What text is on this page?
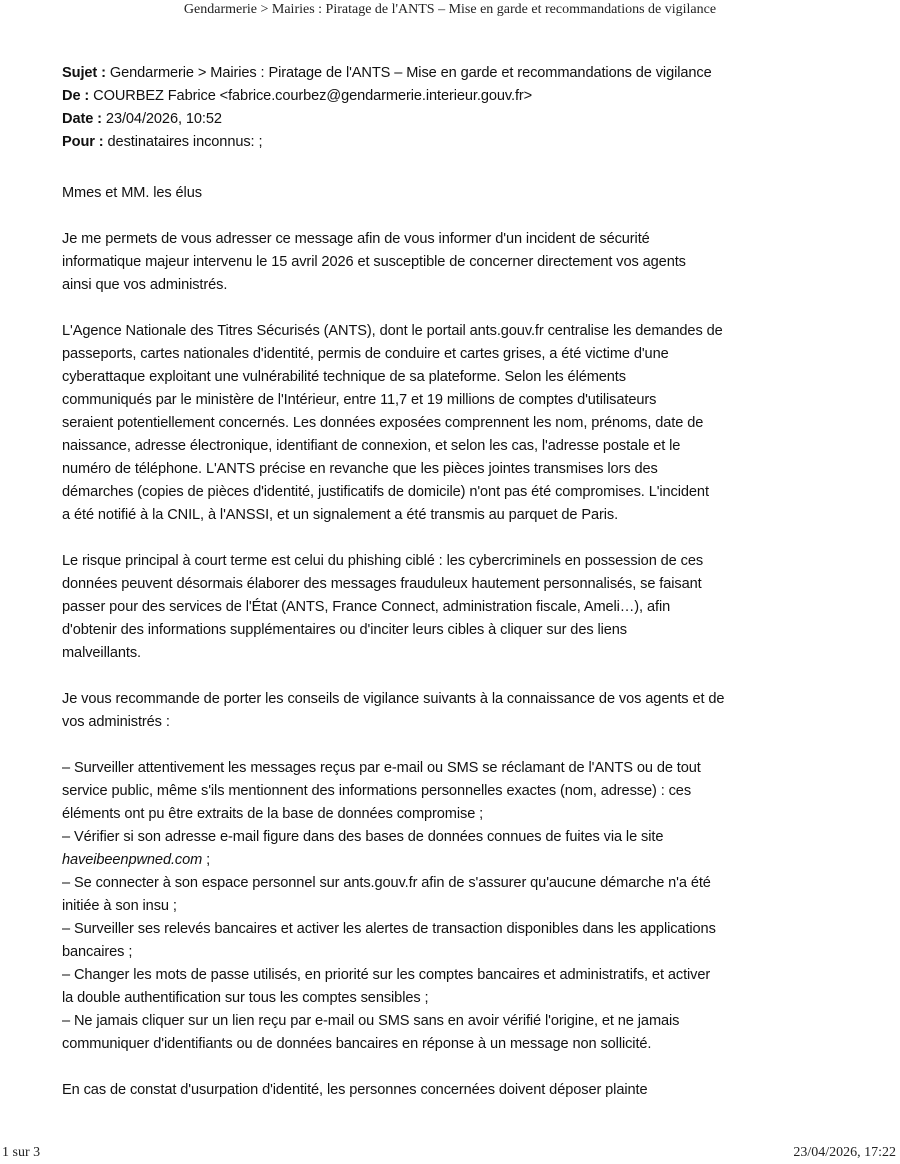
Gendarmerie > Mairies : Piratage de l'ANTS – Mise en garde et recommandations de vigilance
Sujet : Gendarmerie > Mairies : Piratage de l'ANTS – Mise en garde et recommandations de vigilance
De : COURBEZ Fabrice <fabrice.courbez@gendarmerie.interieur.gouv.fr>
Date : 23/04/2026, 10:52
Pour : destinataires inconnus: ;
Mmes et MM. les élus
Je me permets de vous adresser ce message afin de vous informer d'un incident de sécurité
informatique majeur intervenu le 15 avril 2026 et susceptible de concerner directement vos agents
ainsi que vos administrés.
L'Agence Nationale des Titres Sécurisés (ANTS), dont le portail ants.gouv.fr centralise les demandes de
passeports, cartes nationales d'identité, permis de conduire et cartes grises, a été victime d'une
cyberattaque exploitant une vulnérabilité technique de sa plateforme. Selon les éléments
communiqués par le ministère de l'Intérieur, entre 11,7 et 19 millions de comptes d'utilisateurs
seraient potentiellement concernés. Les données exposées comprennent les nom, prénoms, date de
naissance, adresse électronique, identifiant de connexion, et selon les cas, l'adresse postale et le
numéro de téléphone. L'ANTS précise en revanche que les pièces jointes transmises lors des
démarches (copies de pièces d'identité, justificatifs de domicile) n'ont pas été compromises. L'incident
a été notifié à la CNIL, à l'ANSSI, et un signalement a été transmis au parquet de Paris.
Le risque principal à court terme est celui du phishing ciblé : les cybercriminels en possession de ces
données peuvent désormais élaborer des messages frauduleux hautement personnalisés, se faisant
passer pour des services de l'État (ANTS, France Connect, administration fiscale, Ameli…), afin
d'obtenir des informations supplémentaires ou d'inciter leurs cibles à cliquer sur des liens
malveillants.
Je vous recommande de porter les conseils de vigilance suivants à la connaissance de vos agents et de
vos administrés :
– Surveiller attentivement les messages reçus par e-mail ou SMS se réclamant de l'ANTS ou de tout
service public, même s'ils mentionnent des informations personnelles exactes (nom, adresse) : ces
éléments ont pu être extraits de la base de données compromise ;
– Vérifier si son adresse e-mail figure dans des bases de données connues de fuites via le site
haveibeenpwned.com ;
– Se connecter à son espace personnel sur ants.gouv.fr afin de s'assurer qu'aucune démarche n'a été
initiée à son insu ;
– Surveiller ses relevés bancaires et activer les alertes de transaction disponibles dans les applications
bancaires ;
– Changer les mots de passe utilisés, en priorité sur les comptes bancaires et administratifs, et activer
la double authentification sur tous les comptes sensibles ;
– Ne jamais cliquer sur un lien reçu par e-mail ou SMS sans en avoir vérifié l'origine, et ne jamais
communiquer d'identifiants ou de données bancaires en réponse à un message non sollicité.
En cas de constat d'usurpation d'identité, les personnes concernées doivent déposer plainte
1 sur 3	23/04/2026, 17:22
